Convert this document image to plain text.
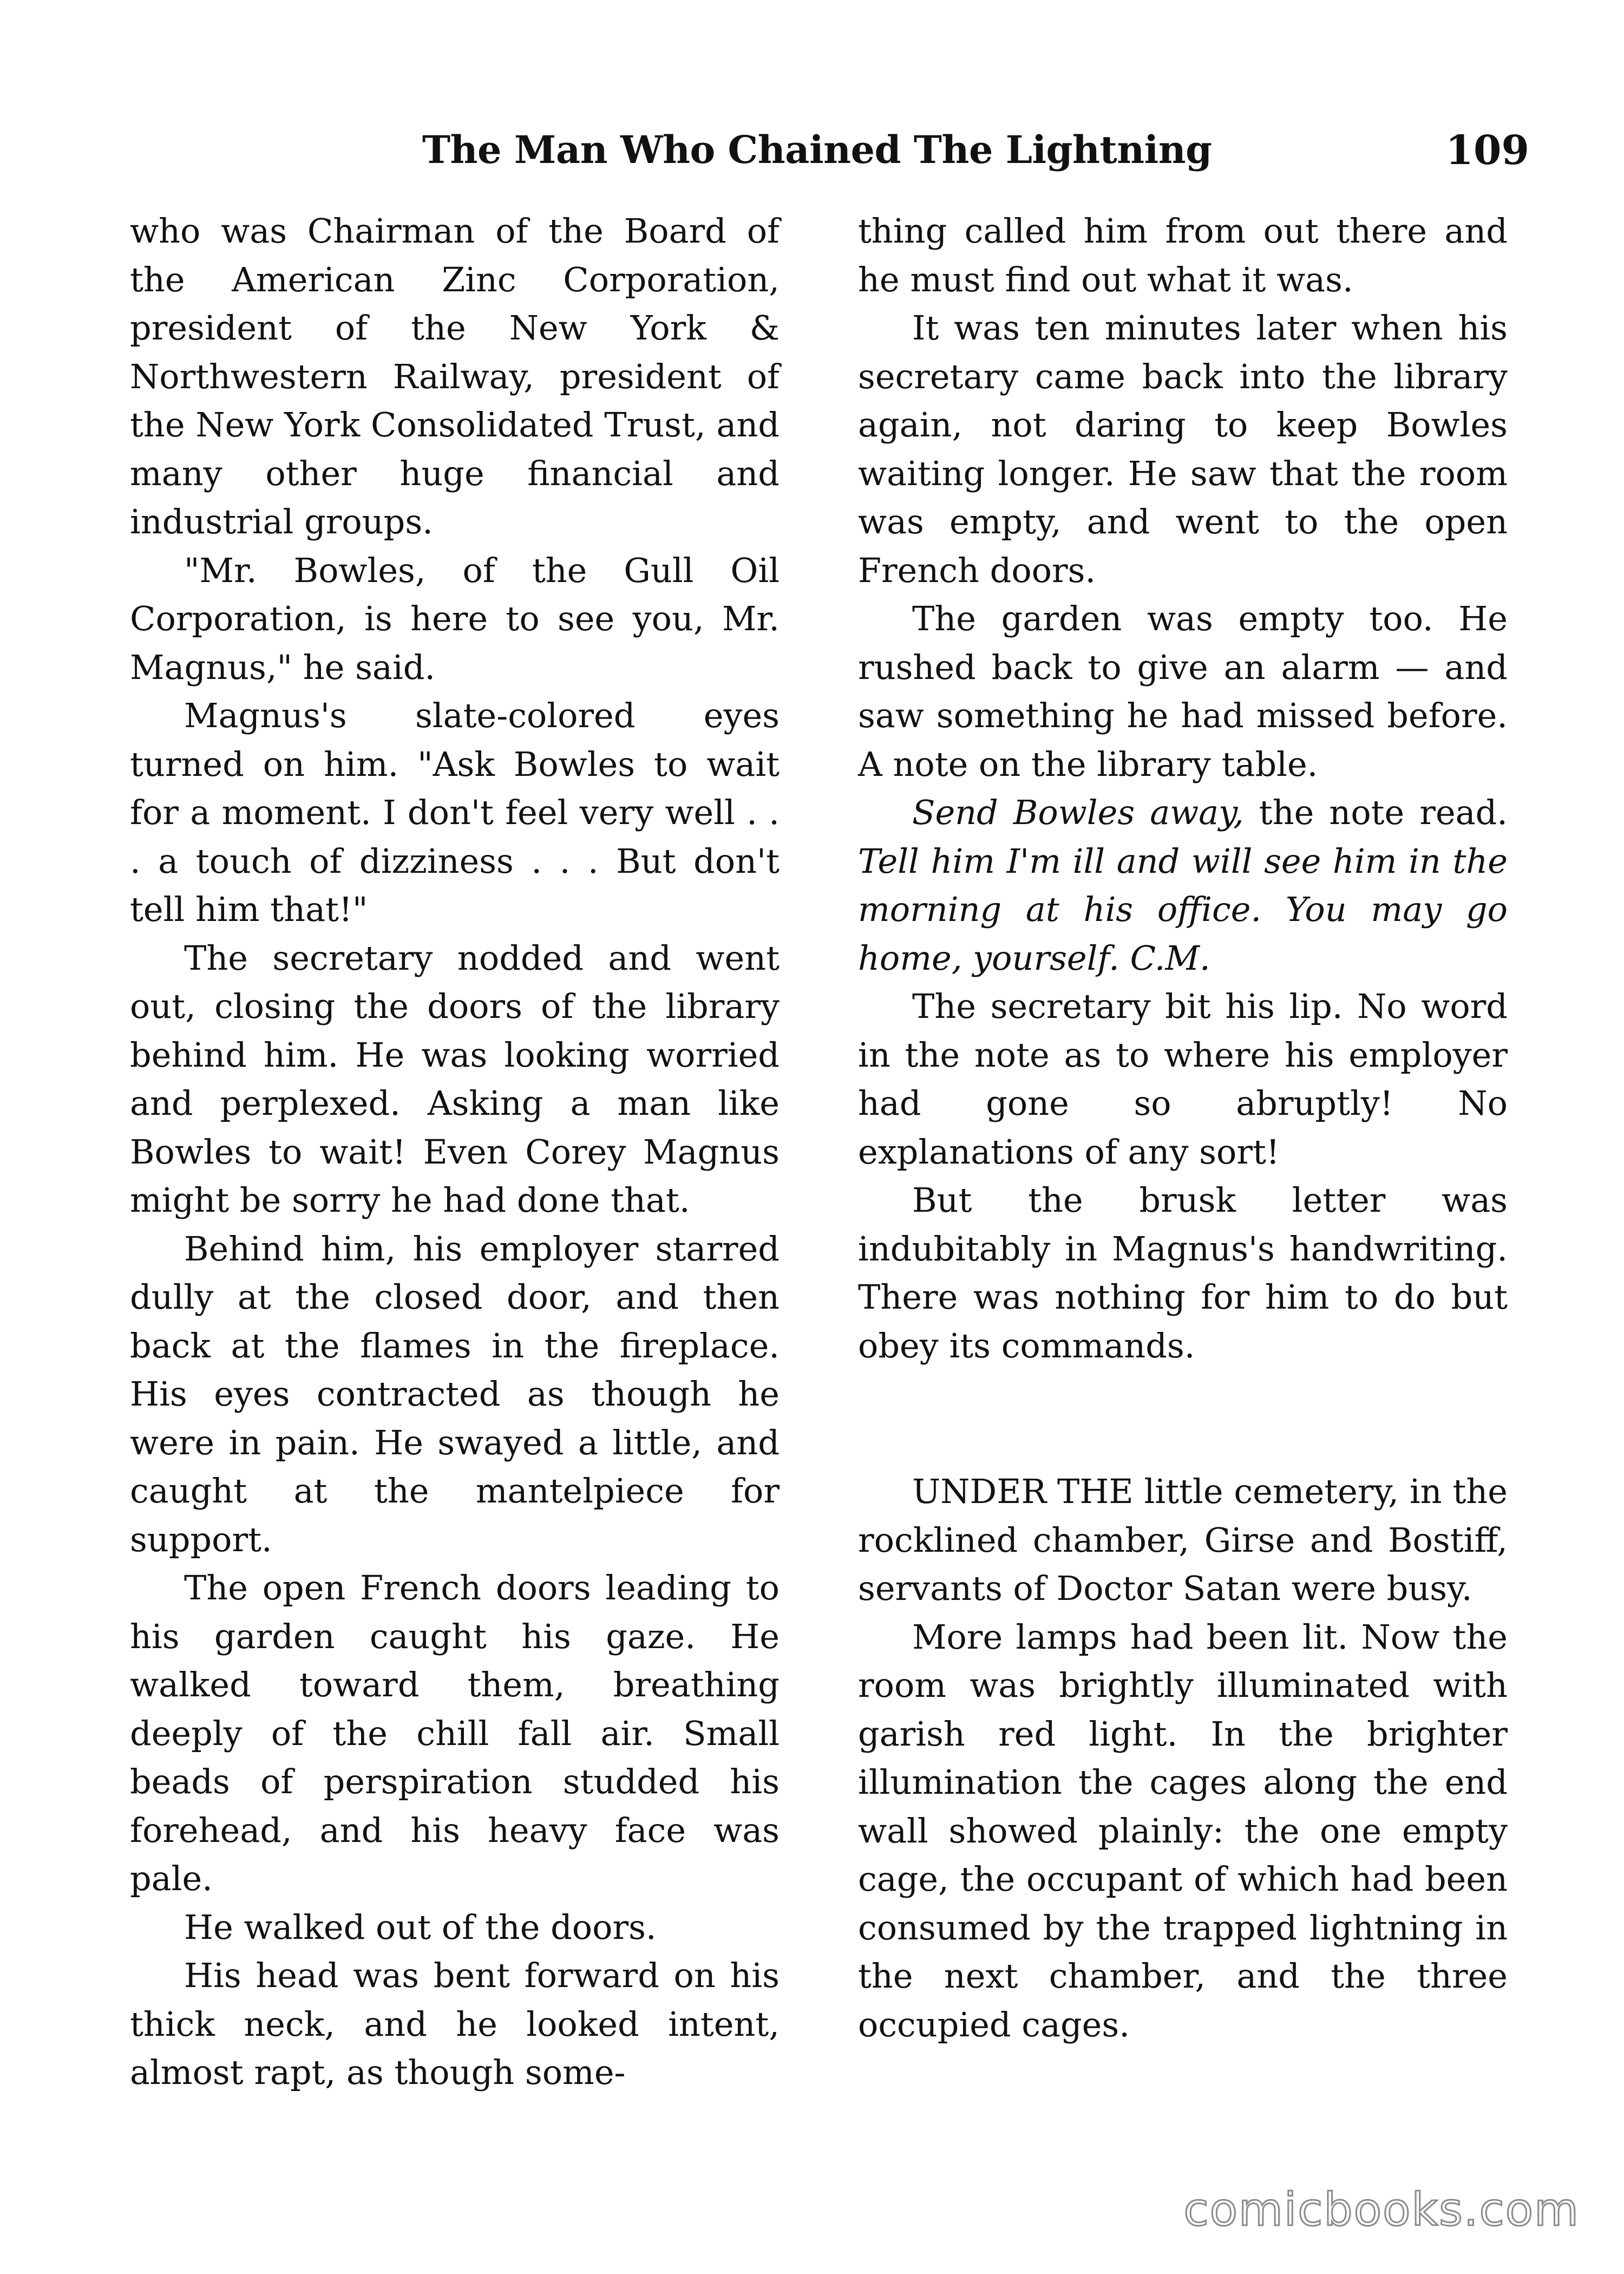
The Man Who Chained The Lightning	109

who was Chairman of the Board of the American Zinc Corporation, president of the New York & Northwestern Railway, president of the New York Consolidated Trust, and many other huge financial and industrial groups.

"Mr. Bowles, of the Gull Oil Corporation, is here to see you, Mr. Magnus," he said.

Magnus's slate-colored eyes turned on him. "Ask Bowles to wait for a moment. I don't feel very well . . . a touch of dizziness . . . But don't tell him that!"

The secretary nodded and went out, closing the doors of the library behind him. He was looking worried and perplexed. Asking a man like Bowles to wait! Even Corey Magnus might be sorry he had done that.

Behind him, his employer starred dully at the closed door, and then back at the flames in the fireplace. His eyes contracted as though he were in pain. He swayed a little, and caught at the mantelpiece for support.

The open French doors leading to his garden caught his gaze. He walked toward them, breathing deeply of the chill fall air. Small beads of perspiration studded his forehead, and his heavy face was pale.

He walked out of the doors.

His head was bent forward on his thick neck, and he looked intent, almost rapt, as though some-

thing called him from out there and he must find out what it was.

It was ten minutes later when his secretary came back into the library again, not daring to keep Bowles waiting longer. He saw that the room was empty, and went to the open French doors.

The garden was empty too. He rushed back to give an alarm — and saw something he had missed before. A note on the library table.

Send Bowles away, the note read. Tell him I'm ill and will see him in the morning at his office. You may go home, yourself. C.M.

The secretary bit his lip. No word in the note as to where his employer had gone so abruptly! No explanations of any sort!

But the brusk letter was indubitably in Magnus's handwriting. There was nothing for him to do but obey its commands.

UNDER THE little cemetery, in the rocklined chamber, Girse and Bostiff, servants of Doctor Satan were busy.

More lamps had been lit. Now the room was brightly illuminated with garish red light. In the brighter illumination the cages along the end wall showed plainly: the one empty cage, the occupant of which had been consumed by the trapped lightning in the next chamber, and the three occupied cages.

comicbooks.com
